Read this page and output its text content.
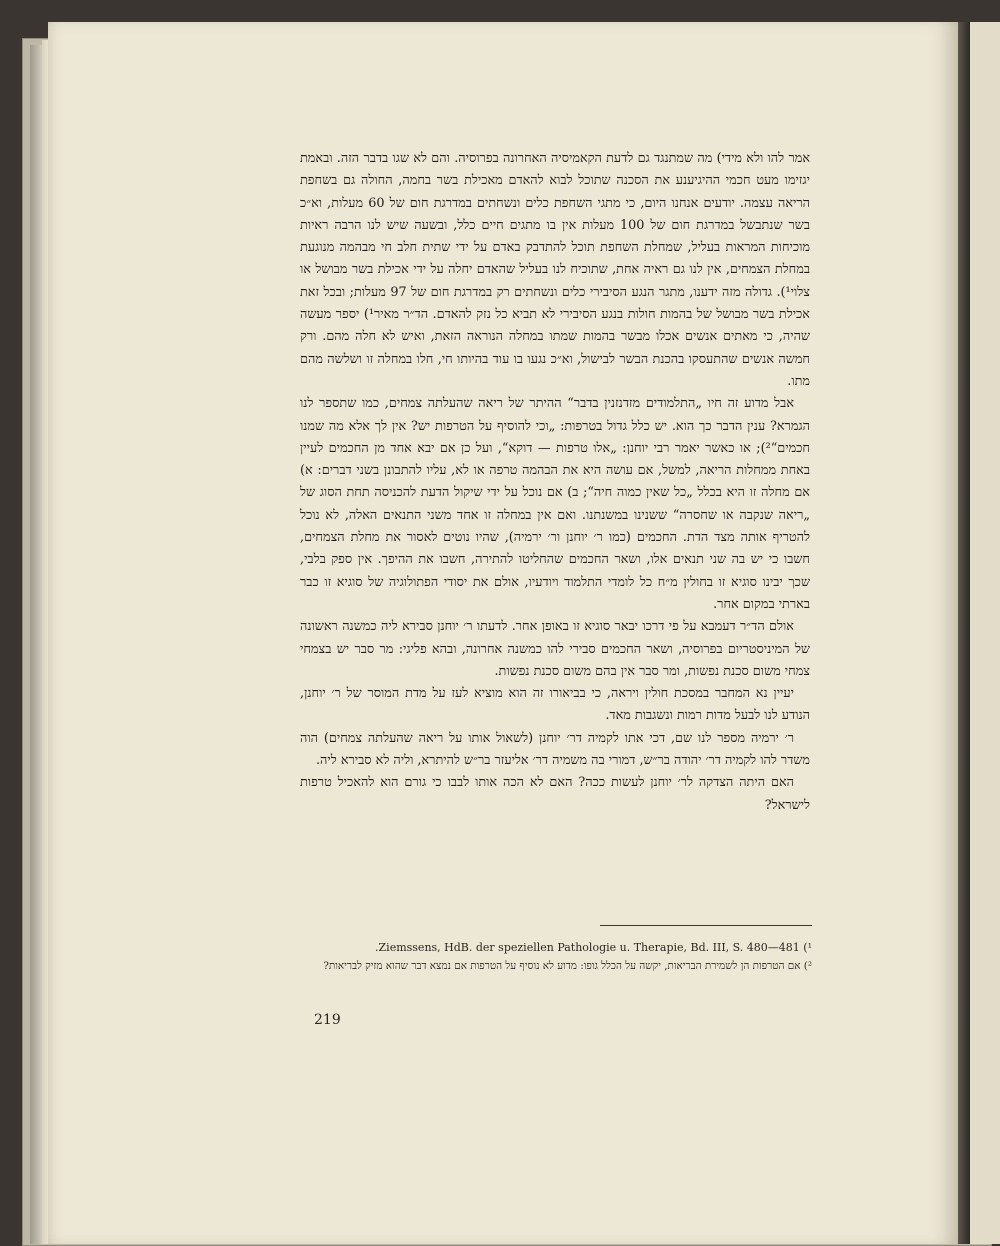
אמר להו ולא מידי) מה שמתנגד גם לדעת הקאמיסיה האחרונה בפרוסיה. והם לא שגו בדבר הזה. ובאמת יגזימו מעט חכמי ההיגיענע את הסכנה שתוכל לבוא להאדם מאכילת בשר בחמה, החולה גם בשחפת הריאה עצמה. יודעים אנחנו היום, כי מתגי השחפת כלים ונשחתים במדרגת חום של 60 מעלות, וא״כ בשר שנתבשל במדרגת חום של 100 מעלות אין בו מתגים חיים כלל, ובשעה שיש לנו הרבה ראיות מוכיחות המראות בעליל, שמחלת השחפת תוכל להתדבק באדם על ידי שתית חלב חי מבהמה מנוגעת במחלת הצמחים, אין לנו גם ראיה אחת, שתוכיח לנו בעליל שהאדם יחלה על ידי אכילת בשר מבושל או צלוי¹). גדולה מזה ידענו, מתגר הנגע הסיבירי כלים ונשחתים רק במדרגת חום של 97 מעלות; ובכל זאת אכילת בשר מבושל של בהמות חולות בנגע הסיבירי לא תביא כל נזק להאדם. הד״ר מאיר¹) יספר מעשה שהיה, כי מאתים אנשים אכלו מבשר בהמות שמתו במחלה הנוראה הזאת, ואיש לא חלה מהם. ורק חמשה אנשים שהתעסקו בהכנת הבשר לבישול, וא״כ נגעו בו עוד בהיותו חי, חלו במחלה זו ושלשה מהם מתו.

אבל מדוע זה חיו „התלמודים מזדנזנין בדבר“ ההיתר של ריאה שהעלתה צמחים, כמו שתספר לנו הגמרא? ענין הדבר כך הוא. יש כלל גדול בטרפות: „וכי להוסיף על הטרפות יש? אין לך אלא מה שמנו חכמים“²); או כאשר יאמר רבי יוחנן: „אלו טרפות — דוקא“, ועל כן אם יבא אחד מן החכמים לעיין באחת ממחלות הריאה, למשל, אם עושה היא את הבהמה טרפה או לא, עליו להתבונן בשני דברים: א) אם מחלה זו היא בכלל „כל שאין כמוה חיה“; ב) אם נוכל על ידי שיקול הדעת להכניסה תחת הסוג של „ריאה שנקבה או שחסרה“ ששנינו במשנתנו. ואם אין במחלה זו אחד משני התנאים האלה, לא נוכל להטריף אותה מצד הדת. החכמים (כמו ר׳ יוחנן ור׳ ירמיה), שהיו נוטים לאסור את מחלת הצמחים, חשבו כי יש בה שני תנאים אלו, ושאר החכמים שהחליטו להתירה, חשבו את ההיפך. אין ספק בלבי, שכך יבינו סוגיא זו בחולין מ״ח כל לומדי התלמוד ויודעיו, אולם את יסודי הפתולוגיה של סוגיא זו כבר בארתי במקום אחר.

אולם הד״ר דעמבא על פי דרכו יבאר סוגיא זו באופן אחר. לדעתו ר׳ יוחנן סבירא ליה כמשנה ראשונה של המיניסטריום בפרוסיה, ושאר החכמים סבירי להו כמשנה אחרונה, ובהא פליגי: מר סבר יש בצמחי צמחי משום סכנת נפשות, ומר סבר אין בהם משום סכנת נפשות.

יעיין נא המחבר במסכת חולין ויראה, כי בביאורו זה הוא מוציא לעז על מדת המוסר של ר׳ יוחנן, הנודע לנו לבעל מדות רמות ונשגבות מאד.

ר׳ ירמיה מספר לנו שם, דכי אתו לקמיה דר׳ יוחנן (לשאול אותו על ריאה שהעלתה צמחים) הוה משדר להו לקמיה דר׳ יהודה בר״ש, דמורי בה משמיה דר׳ אליעזר בר״ש להיתרא, וליה לא סבירא ליה.

האם היתה הצדקה לר׳ יוחנן לעשות ככה? האם לא הכה אותו לבבו כי גורם הוא להאכיל טרפות לישראל?

.Ziemssens, HdB. der speziellen Pathologie u. Therapie, Bd. III, S. 480—481 (¹

²) אם הטרפות הן לשמירת הבריאות, יקשה על הכלל גופו: מדוע לא נוסיף על הטרפות אם נמצא דבר שהוא מזיק לבריאות?

219
